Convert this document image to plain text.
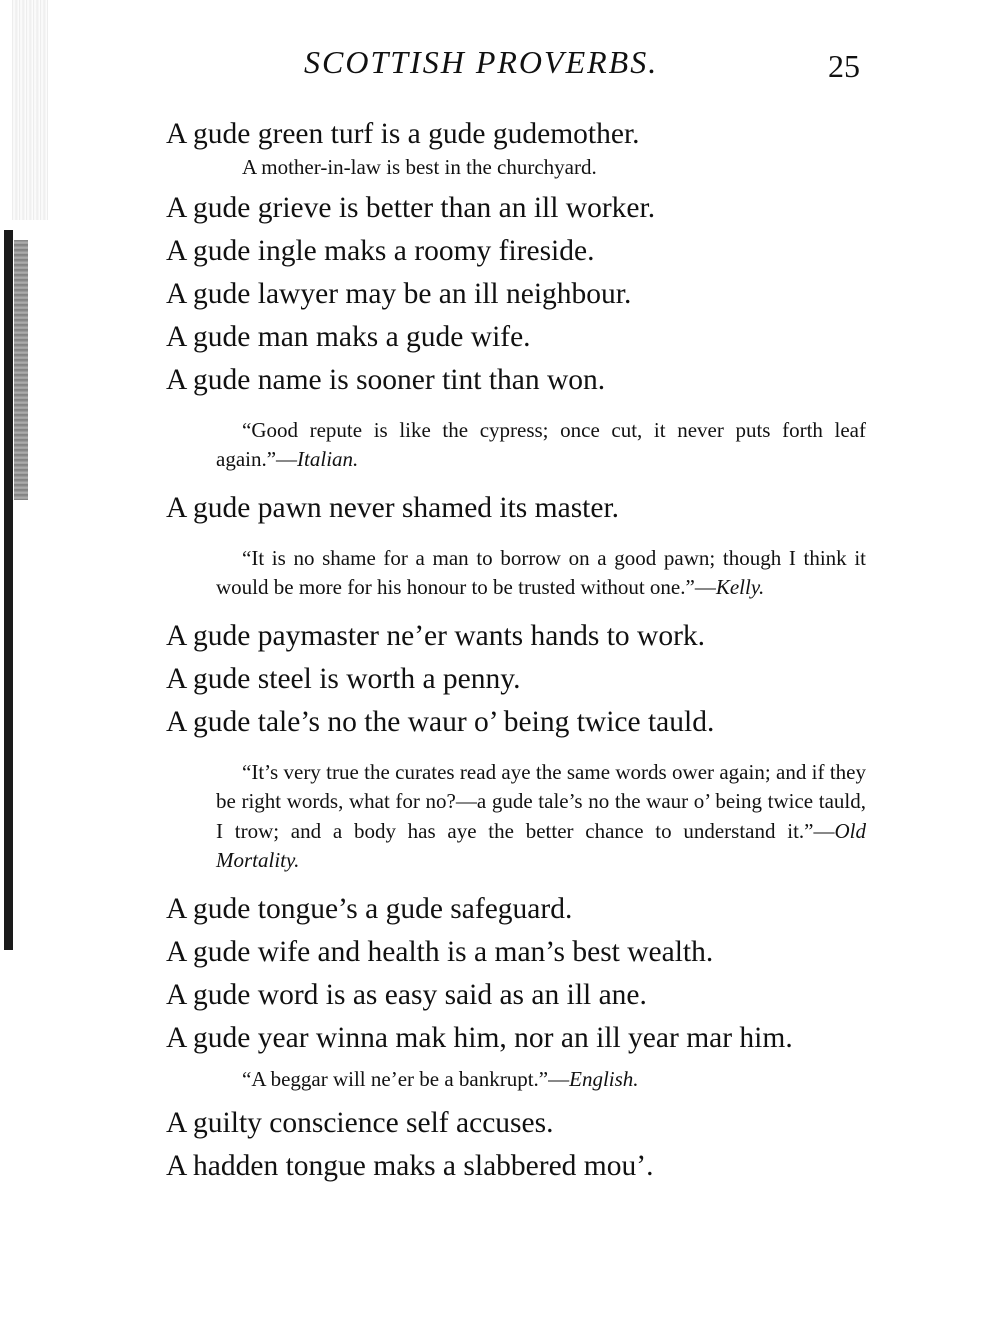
SCOTTISH PROVERBS.	25
A gude green turf is a gude gudemother.
A mother-in-law is best in the churchyard.
A gude grieve is better than an ill worker.
A gude ingle maks a roomy fireside.
A gude lawyer may be an ill neighbour.
A gude man maks a gude wife.
A gude name is sooner tint than won.
“Good repute is like the cypress; once cut, it never puts forth leaf again.”—Italian.
A gude pawn never shamed its master.
“It is no shame for a man to borrow on a good pawn; though I think it would be more for his honour to be trusted without one.”—Kelly.
A gude paymaster ne’er wants hands to work.
A gude steel is worth a penny.
A gude tale’s no the waur o’ being twice tauld.
“It’s very true the curates read aye the same words ower again; and if they be right words, what for no?—a gude tale’s no the waur o’ being twice tauld, I trow; and a body has aye the better chance to understand it.”—Old Mortality.
A gude tongue’s a gude safeguard.
A gude wife and health is a man’s best wealth.
A gude word is as easy said as an ill ane.
A gude year winna mak him, nor an ill year mar him.
“A beggar will ne’er be a bankrupt.”—English.
A guilty conscience self accuses.
A hadden tongue maks a slabbered mou’.
